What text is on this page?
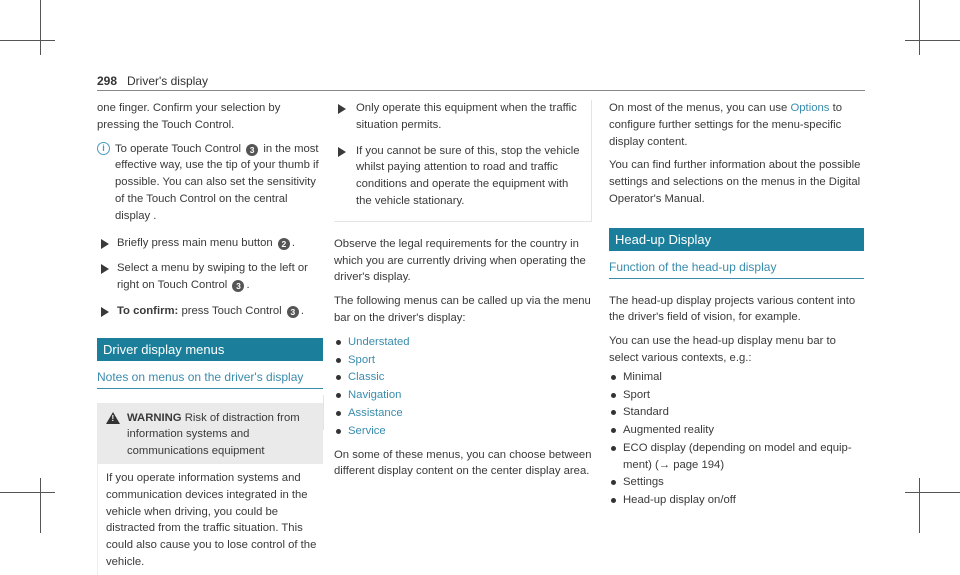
298 Driver's display

one finger. Confirm your selection by pressing the Touch Control.

i To operate Touch Control 3 in the most effective way, use the tip of your thumb if possible. You can also set the sensitivity of the Touch Control on the central display .
Briefly press main menu button 2 .
Select a menu by swiping to the left or right on Touch Control 3 .
To confirm: press Touch Control 3 .
Driver display menus
Notes on menus on the driver's display
! WARNING Risk of distraction from information systems and communications equipment
If you operate information systems and communication devices integrated in the vehicle when driving, you could be distracted from the traffic situation. This could also cause you to lose control of the vehicle.
Only operate this equipment when the traffic situation permits.
If you cannot be sure of this, stop the vehicle whilst paying attention to road and traffic conditions and operate the equipment with the vehicle stationary.

Observe the legal requirements for the country in which you are currently driving when operating the driver's display.

The following menus can be called up via the menu bar on the driver's display:

Understated
Sport
Classic
Navigation
Assistance
Service

On some of these menus, you can choose between different display content on the center display area.

On most of the menus, you can use Options to configure further settings for the menu-specific display content.

You can find further information about the possible settings and selections on the menus in the Digital Operator's Manual.

Head-up Display
Function of the head-up display

The head-up display projects various content into the driver's field of vision, for example.

You can use the head-up display menu bar to select various contexts, e.g.:

Minimal
Sport
Standard
Augmented reality
ECO display (depending on model and equip-
ment) (→ page 194)
Settings
Head-up display on/off
